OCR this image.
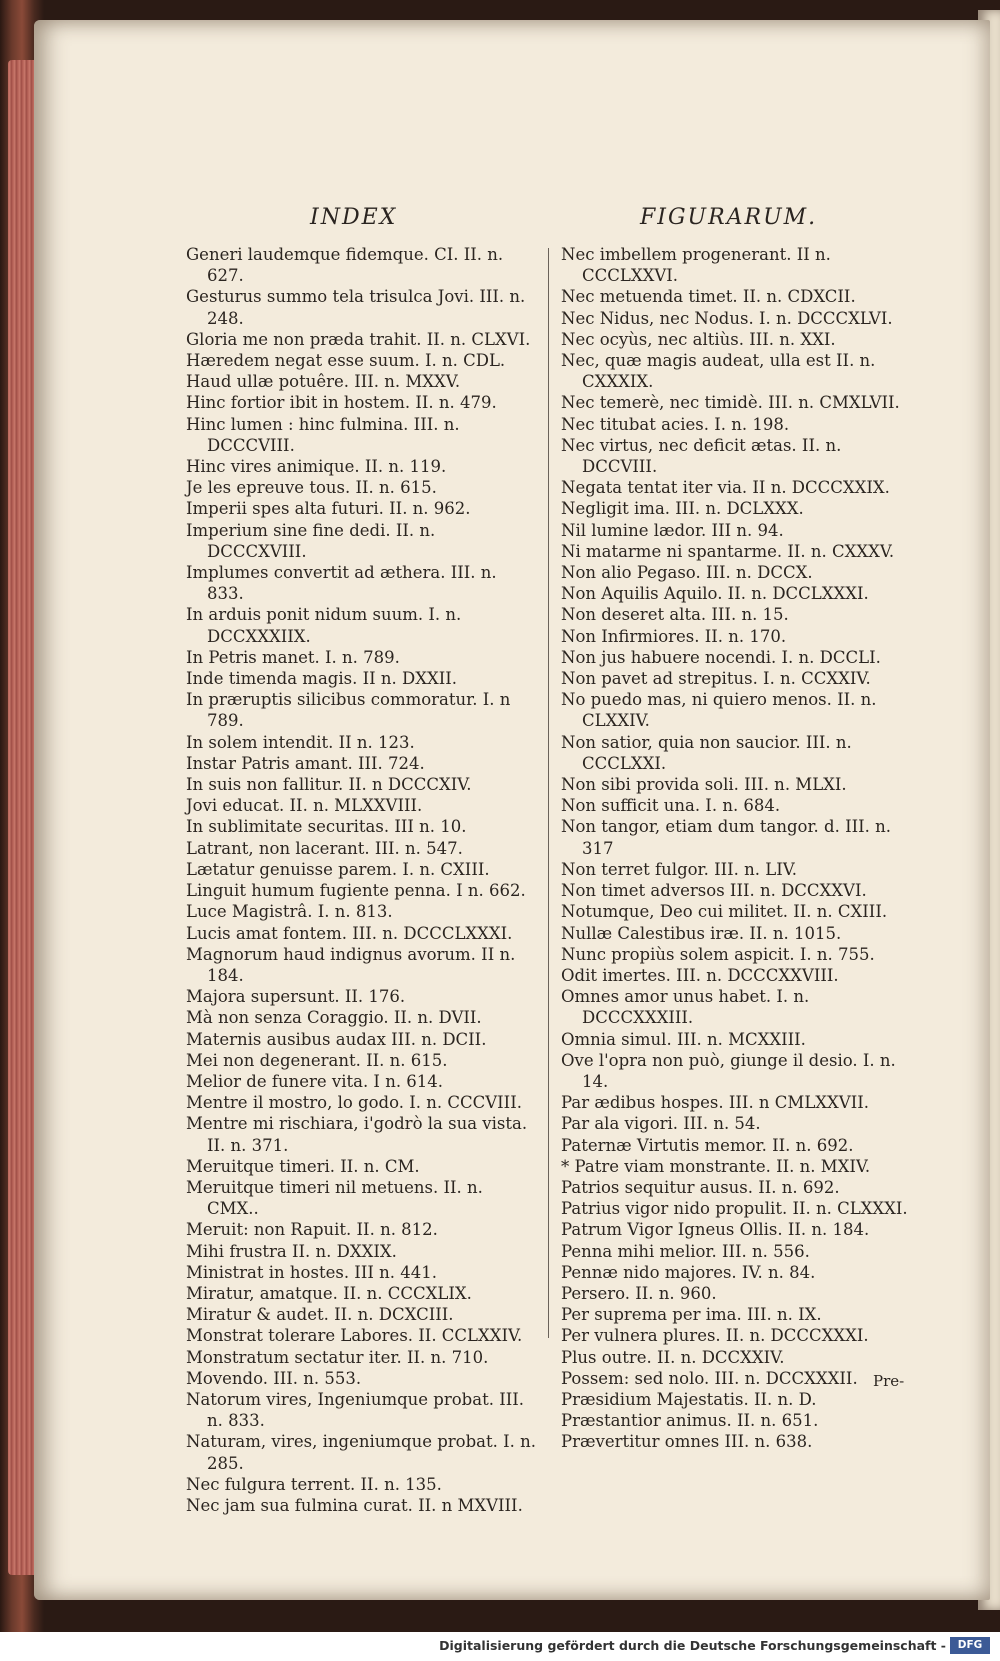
INDEX	FIGURARUM.
Generi laudemque fidemque. CI. II. n. 627.
Gesturus summo tela trisulca Jovi. III. n. 248.
Gloria me non præda trahit. II. n. CLXVI.
Hæredem negat esse suum. I. n. CDL.
Haud ullæ potuêre. III. n. MXXV.
Hinc fortior ibit in hostem. II. n. 479.
Hinc lumen : hinc fulmina. III. n. DCCCVIII.
Hinc vires animique. II. n. 119.
Je les epreuve tous. II. n. 615.
Imperii spes alta futuri. II. n. 962.
Imperium sine fine dedi. II. n. DCCCXVIII.
Implumes convertit ad æthera. III. n. 833.
In arduis ponit nidum suum. I. n. DCCXXXIIX.
In Petris manet. I. n. 789.
Inde timenda magis. II n. DXXII.
In præruptis silicibus commoratur. I. n 789.
In solem intendit. II n. 123.
Instar Patris amant. III. 724.
In suis non fallitur. II. n DCCCXIV.
Jovi educat. II. n. MLXXVIII.
In sublimitate securitas. III n. 10.
Latrant, non lacerant. III. n. 547.
Lætatur genuisse parem. I. n. CXIII.
Linguit humum fugiente penna. I n. 662.
Luce Magistrâ. I. n. 813.
Lucis amat fontem. III. n. DCCCLXXXI.
Magnorum haud indignus avorum. II n. 184.
Majora supersunt. II. 176.
Mà non senza Coraggio. II. n. DVII.
Maternis ausibus audax III. n. DCII.
Mei non degenerant. II. n. 615.
Melior de funere vita. I n. 614.
Mentre il mostro, lo godo. I. n. CCCVIII.
Mentre mi rischiara, i'godrò la sua vista. II. n. 371.
Meruitque timeri. II. n. CM.
Meruitque timeri nil metuens. II. n. CMX..
Meruit: non Rapuit. II. n. 812.
Mihi frustra II. n. DXXIX.
Ministrat in hostes. III n. 441.
Miratur, amatque. II. n. CCCXLIX.
Miratur & audet. II. n. DCXCIII.
Monstrat tolerare Labores. II. CCLXXIV.
Monstratum sectatur iter. II. n. 710.
Movendo. III. n. 553.
Natorum vires, Ingeniumque probat. III. n. 833.
Naturam, vires, ingeniumque probat. I. n. 285.
Nec fulgura terrent. II. n. 135.
Nec jam sua fulmina curat. II. n MXVIII.
Nec imbellem progenerant. II n. CCCLXXVI.
Nec metuenda timet. II. n. CDXCII.
Nec Nidus, nec Nodus. I. n. DCCCXLVI.
Nec ocyùs, nec altiùs. III. n. XXI.
Nec, quæ magis audeat, ulla est II. n. CXXXIX.
Nec temerè, nec timidè. III. n. CMXLVII.
Nec titubat acies. I. n. 198.
Nec virtus, nec deficit ætas. II. n. DCCVIII.
Negata tentat iter via. II n. DCCCXXIX.
Negligit ima. III. n. DCLXXX.
Nil lumine lædor. III n. 94.
Ni matarme ni spantarme. II. n. CXXXV.
Non alio Pegaso. III. n. DCCX.
Non Aquilis Aquilo. II. n. DCCLXXXI.
Non deseret alta. III. n. 15.
Non Infirmiores. II. n. 170.
Non jus habuere nocendi. I. n. DCCLI.
Non pavet ad strepitus. I. n. CCXXIV.
No puedo mas, ni quiero menos. II. n. CLXXIV.
Non satior, quia non saucior. III. n. CCCLXXI.
Non sibi provida soli. III. n. MLXI.
Non sufficit una. I. n. 684.
Non tangor, etiam dum tangor. d. III. n. 317
Non terret fulgor. III. n. LIV.
Non timet adversos III. n. DCCXXVI.
Notumque, Deo cui militet. II. n. CXIII.
Nullæ Calestibus iræ. II. n. 1015.
Nunc propiùs solem aspicit. I. n. 755.
Odit imertes. III. n. DCCCXXVIII.
Omnes amor unus habet. I. n. DCCCXXXIII.
Omnia simul. III. n. MCXXIII.
Ove l'opra non può, giunge il desio. I. n. 14.
Par ædibus hospes. III. n CMLXXVII.
Par ala vigori. III. n. 54.
Paternæ Virtutis memor. II. n. 692.
* Patre viam monstrante. II. n. MXIV.
Patrios sequitur ausus. II. n. 692.
Patrius vigor nido propulit. II. n. CLXXXI.
Patrum Vigor Igneus Ollis. II. n. 184.
Penna mihi melior. III. n. 556.
Pennæ nido majores. IV. n. 84.
Persero. II. n. 960.
Per suprema per ima. III. n. IX.
Per vulnera plures. II. n. DCCCXXXI.
Plus outre. II. n. DCCXXIV.
Possem: sed nolo. III. n. DCCXXXII.
Præsidium Majestatis. II. n. D.
Præstantior animus. II. n. 651.
Prævertitur omnes III. n. 638.
Pre-
Digitalisierung gefördert durch die Deutsche Forschungsgemeinschaft -	DFG
